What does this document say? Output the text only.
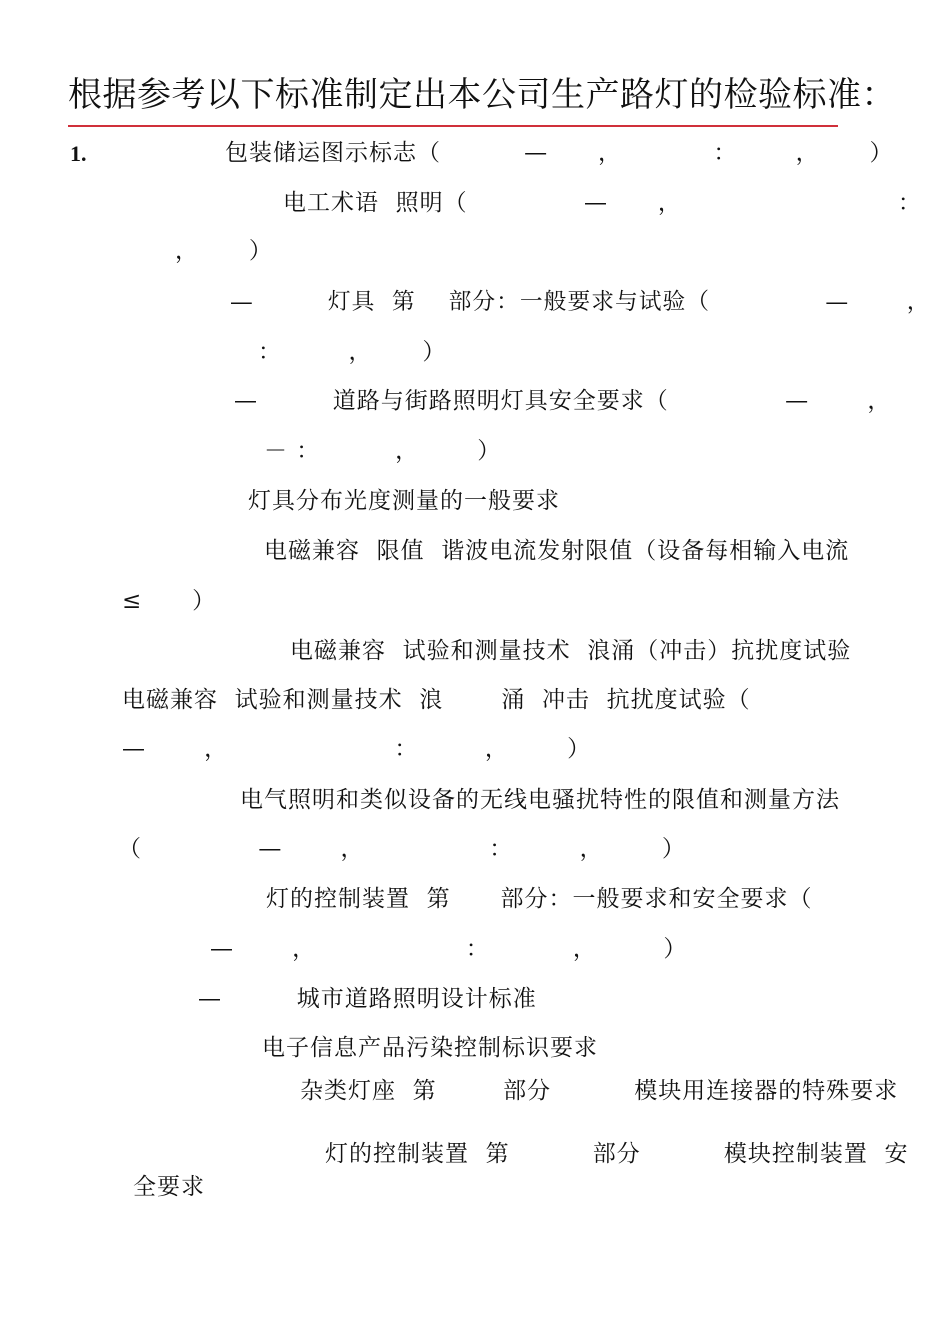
根据参考以下标准制定出本公司生产路灯的检验标准：
1.	包装储运图示标志（          —      ，           ：       ，      ）
电工术语  照明（              —      ，                          ：
，      ）
—         灯具  第    部分：一般要求与试验（              —       ，
：        ，      ）
—         道路与街路照明灯具安全要求（              —       ，
－ ：         ，       ）
灯具分布光度测量的一般要求
电磁兼容  限值  谐波电流发射限值（设备每相输入电流
≤      ）
电磁兼容  试验和测量技术  浪涌（冲击）抗扰度试验
电磁兼容  试验和测量技术  浪       涌  冲击  抗扰度试验（
—       ，                    ：        ，       ）
电气照明和类似设备的无线电骚扰特性的限值和测量方法
（              —       ，               ：        ，       ）
灯的控制装置  第      部分：一般要求和安全要求（
—       ，                  ：          ，        ）
—         城市道路照明设计标准
电子信息产品污染控制标识要求
杂类灯座  第        部分          模块用连接器的特殊要求
灯的控制装置  第          部分          模块控制装置  安
全要求
